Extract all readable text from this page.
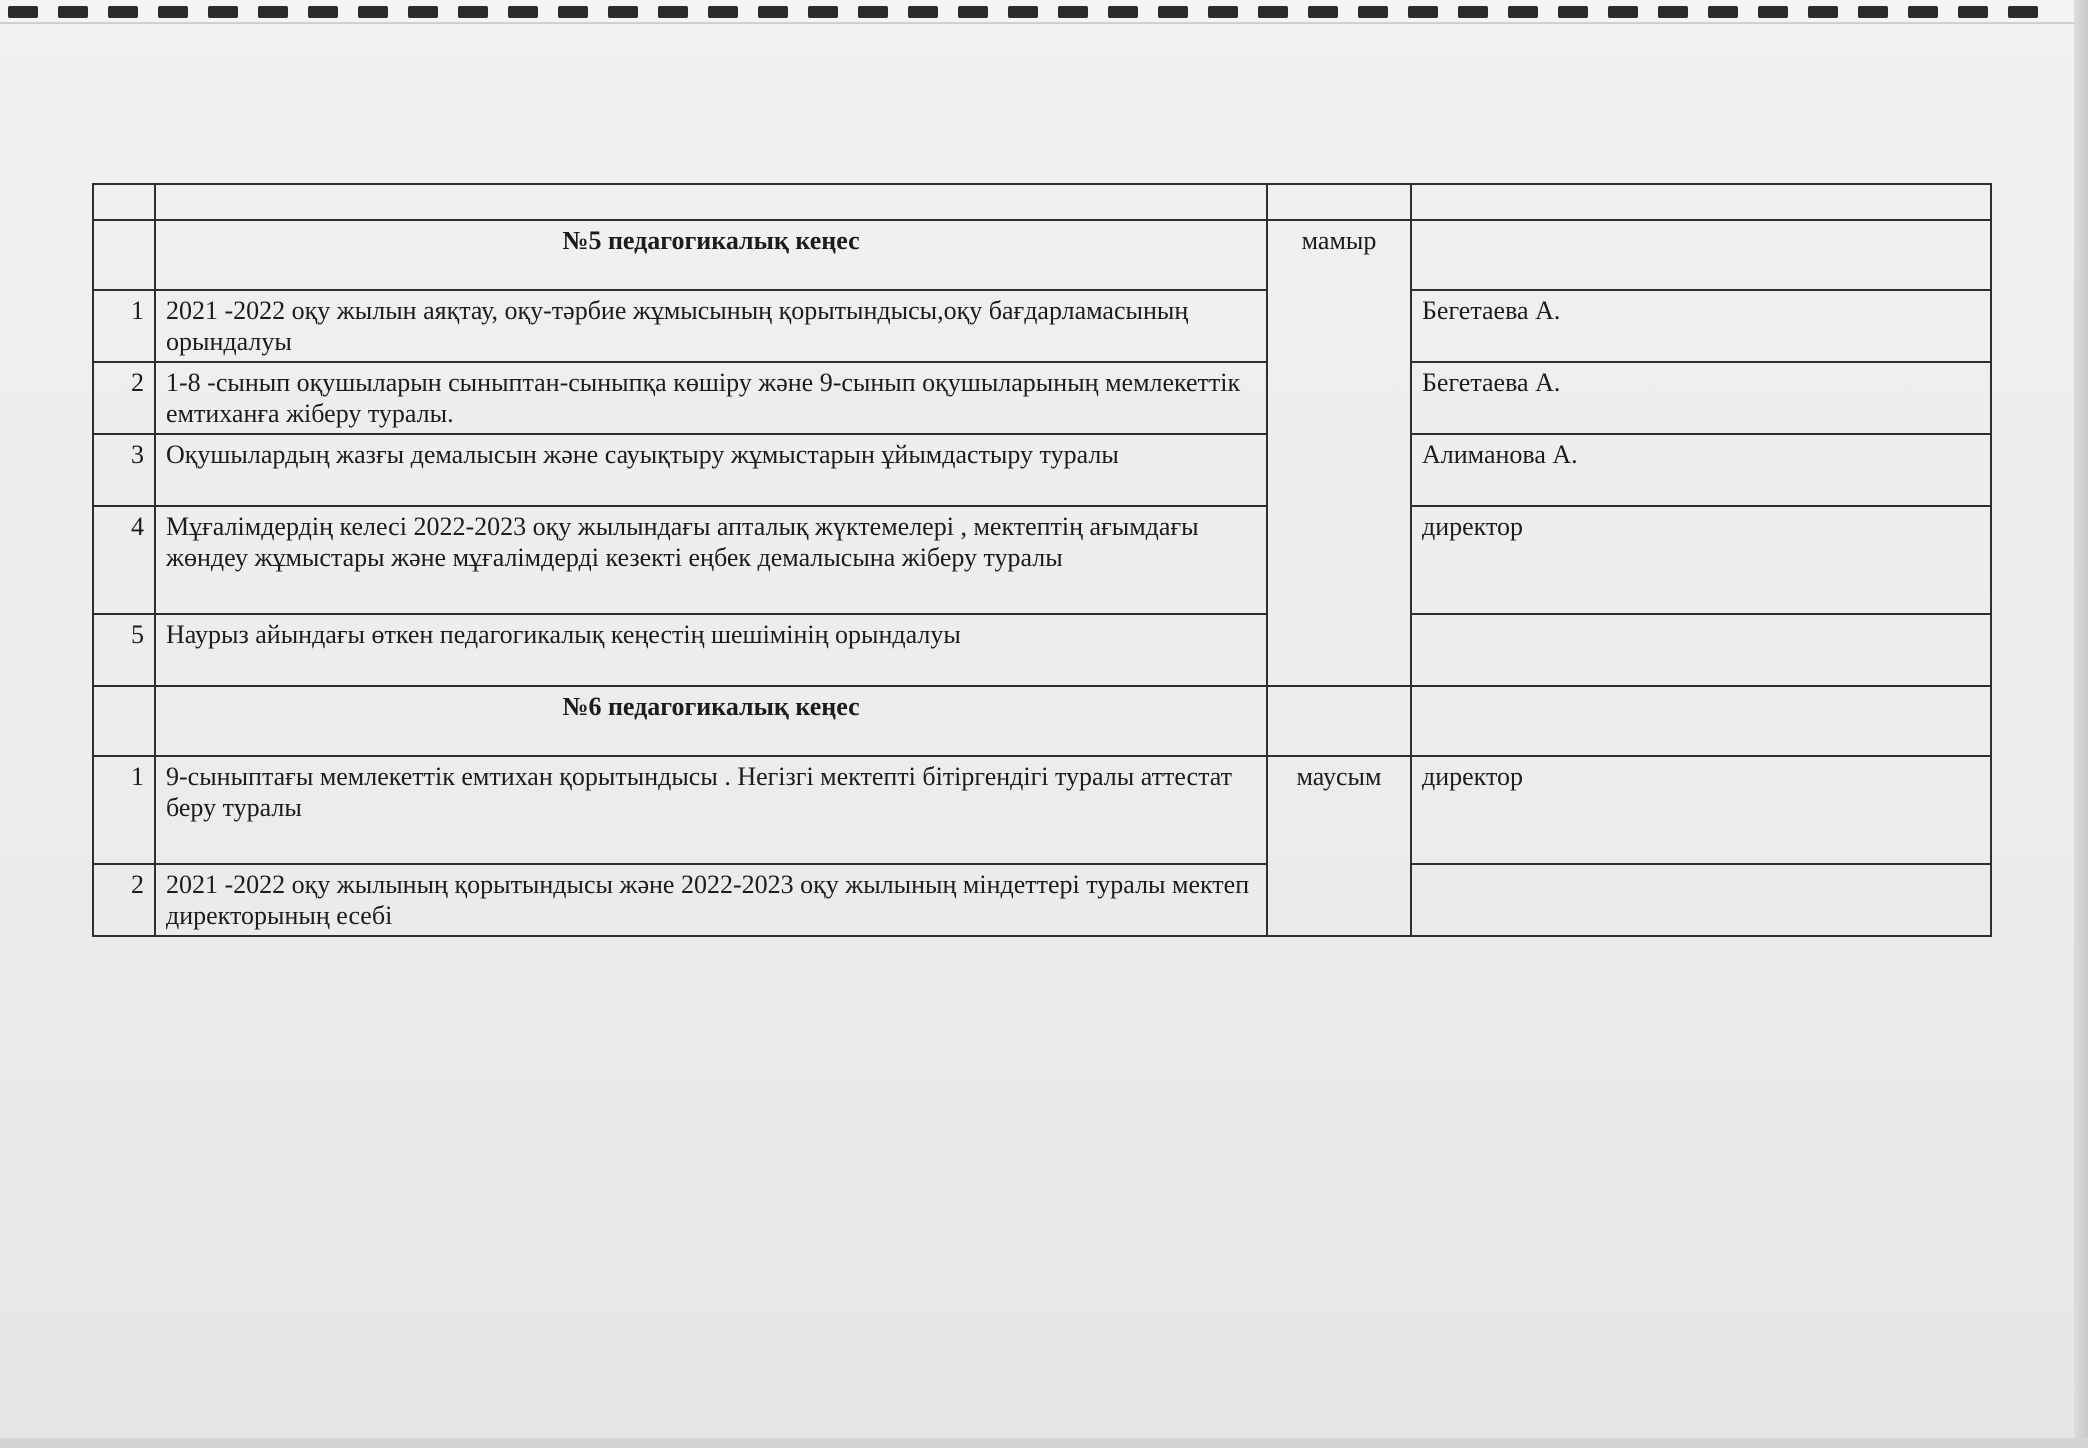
	№5 педагогикалық кеңес	мамыр	
1	2021 -2022 оқу жылын аяқтау, оқу-тәрбие жұмысының қорытындысы,оқу бағдарламасының орындалуы		Бегетаева А.
2	1-8 -сынып оқушыларын сыныптан-сыныпқа көшіру және 9-сынып оқушыларының мемлекеттік емтиханға жіберу туралы.		Бегетаева А.
3	Оқушылардың жазғы демалысын және сауықтыру жұмыстарын ұйымдастыру туралы		Алиманова А.
4	Мұғалімдердің келесі 2022-2023 оқу жылындағы апталық жүктемелері , мектептің ағымдағы жөндеу жұмыстары және мұғалімдерді кезекті еңбек демалысына жіберу туралы		директор
5	Наурыз айындағы өткен педагогикалық кеңестің шешімінің орындалуы		
	№6 педагогикалық кеңес		
1	9-сыныптағы мемлекеттік емтихан қорытындысы . Негізгі мектепті бітіргендігі туралы аттестат беру туралы	маусым	директор
2	2021 -2022 оқу жылының қорытындысы және 2022-2023 оқу жылының міндеттері туралы мектеп директорының есебі		
